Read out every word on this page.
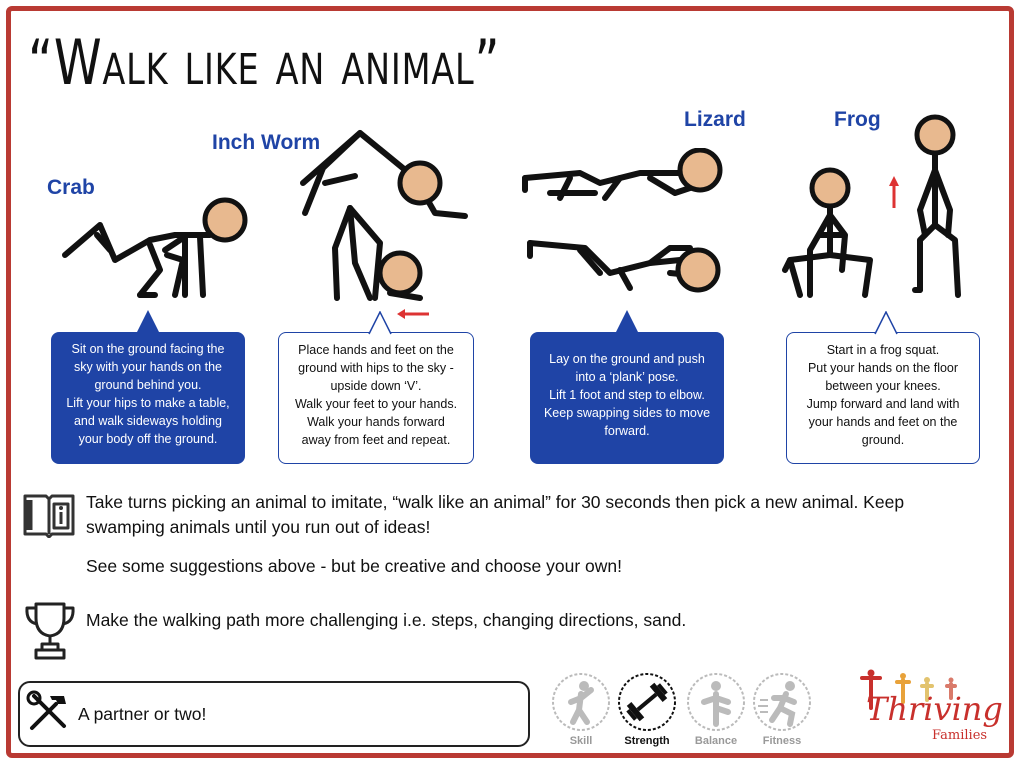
“Walk like an animal”
Crab
Inch Worm
Lizard	Frog
Sit on the ground facing the
sky with your hands on the
ground behind you.
Lift your hips to make a table,
and walk sideways holding
your body off the ground.
Place hands and feet on the
ground with hips to the sky -
upside down ‘V’.
Walk your feet to your hands.
Walk your hands forward
away from feet and repeat.
Lay on the ground and push
into a ‘plank’ pose.
Lift 1 foot and step to elbow.
Keep swapping sides to move
forward.
Start in a frog squat.
Put your hands on the floor
between your knees.
Jump forward and land with
your hands and feet on the
ground.
Take turns picking an animal to imitate, “walk like an animal” for 30 seconds then pick a new animal. Keep
swamping animals until you run out of ideas!
See some suggestions above - but be creative and choose your own!
Make the walking path more challenging i.e. steps, changing directions, sand.
A partner or two!
Skill	Strength	Balance	Fitness
Thriving
Families
